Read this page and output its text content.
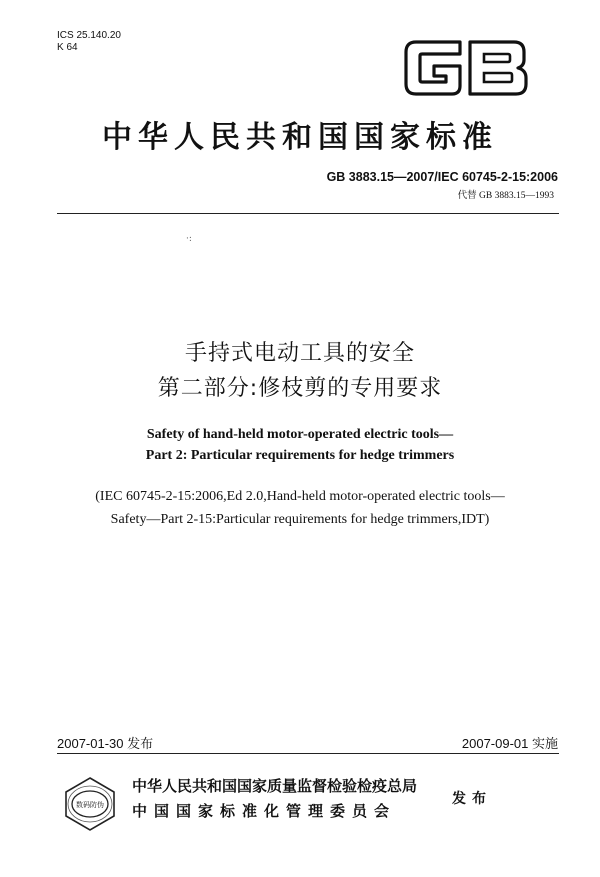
ICS 25.140.20
K 64
中华人民共和国国家标准
GB 3883.15—2007/IEC 60745-2-15:2006
代替 GB 3883.15—1993
·:
手持式电动工具的安全
第二部分:修枝剪的专用要求
Safety of hand-held motor-operated electric tools—
Part 2: Particular requirements for hedge trimmers
(IEC 60745-2-15:2006,Ed 2.0,Hand-held motor-operated electric tools—
Safety—Part 2-15:Particular requirements for hedge trimmers,IDT)
2007-01-30 发布	2007-09-01 实施
数码防伪
中华人民共和国国家质量监督检验检疫总局
中国国家标准化管理委员会
发布
